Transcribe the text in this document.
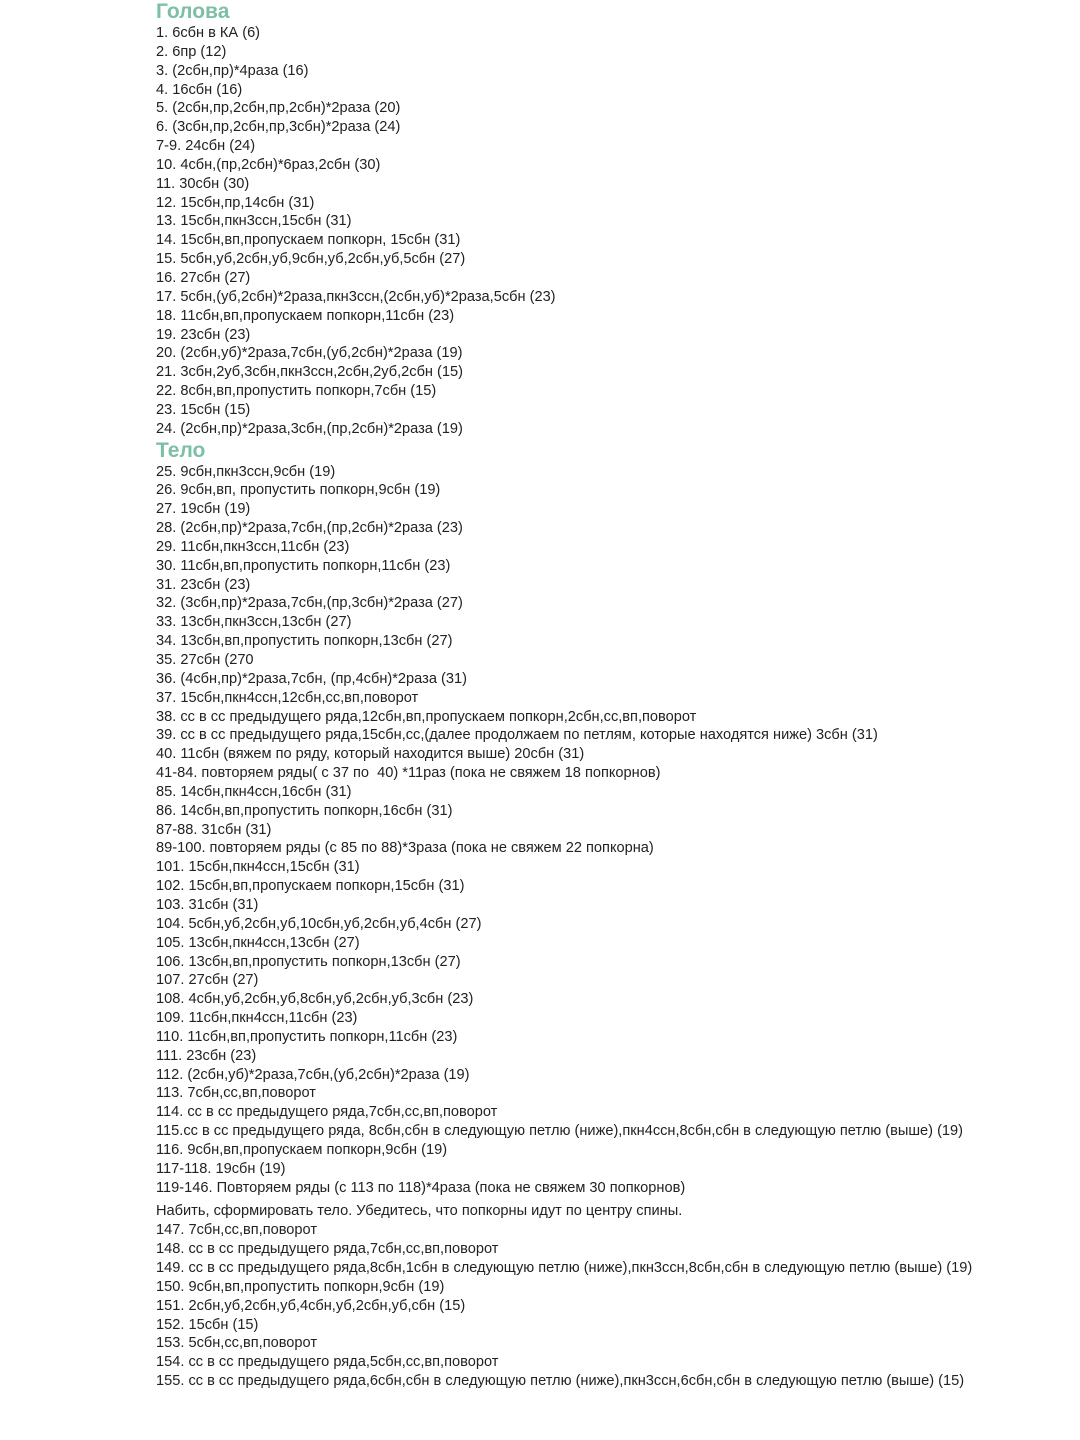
Голова
1. 6сбн в КА (6)
2. 6пр (12)
3. (2сбн,пр)*4раза (16)
4. 16сбн (16)
5. (2сбн,пр,2сбн,пр,2сбн)*2раза (20)
6. (3сбн,пр,2сбн,пр,3сбн)*2раза (24)
7-9. 24сбн (24)
10. 4сбн,(пр,2сбн)*6раз,2сбн (30)
11. 30сбн (30)
12. 15сбн,пр,14сбн (31)
13. 15сбн,пкн3ссн,15сбн (31)
14. 15сбн,вп,пропускаем попкорн, 15сбн (31)
15. 5сбн,уб,2сбн,уб,9сбн,уб,2сбн,уб,5сбн (27)
16. 27сбн (27)
17. 5сбн,(уб,2сбн)*2раза,пкн3ссн,(2сбн,уб)*2раза,5сбн (23)
18. 11сбн,вп,пропускаем попкорн,11сбн (23)
19. 23сбн (23)
20. (2сбн,уб)*2раза,7сбн,(уб,2сбн)*2раза (19)
21. 3сбн,2уб,3сбн,пкн3ссн,2сбн,2уб,2сбн (15)
22. 8сбн,вп,пропустить попкорн,7сбн (15)
23. 15сбн (15)
24. (2сбн,пр)*2раза,3сбн,(пр,2сбн)*2раза (19)
Тело
25. 9сбн,пкн3ссн,9сбн (19)
26. 9сбн,вп, пропустить попкорн,9сбн (19)
27. 19сбн (19)
28. (2сбн,пр)*2раза,7сбн,(пр,2сбн)*2раза (23)
29. 11сбн,пкн3ссн,11сбн (23)
30. 11сбн,вп,пропустить попкорн,11сбн (23)
31. 23сбн (23)
32. (3сбн,пр)*2раза,7сбн,(пр,3сбн)*2раза (27)
33. 13сбн,пкн3ссн,13сбн (27)
34. 13сбн,вп,пропустить попкорн,13сбн (27)
35. 27сбн (270
36. (4сбн,пр)*2раза,7сбн, (пр,4сбн)*2раза (31)
37. 15сбн,пкн4ссн,12сбн,сс,вп,поворот
38. сс в сс предыдущего ряда,12сбн,вп,пропускаем попкорн,2сбн,сс,вп,поворот
39. сс в сс предыдущего ряда,15сбн,сс,(далее продолжаем по петлям, которые находятся ниже) 3сбн (31)
40. 11сбн (вяжем по ряду, который находится выше) 20сбн (31)
41-84. повторяем ряды( с 37 по  40) *11раз (пока не свяжем 18 попкорнов)
85. 14сбн,пкн4ссн,16сбн (31)
86. 14сбн,вп,пропустить попкорн,16сбн (31)
87-88. 31сбн (31)
89-100. повторяем ряды (с 85 по 88)*3раза (пока не свяжем 22 попкорна)
101. 15сбн,пкн4ссн,15сбн (31)
102. 15сбн,вп,пропускаем попкорн,15сбн (31)
103. 31сбн (31)
104. 5сбн,уб,2сбн,уб,10сбн,уб,2сбн,уб,4сбн (27)
105. 13сбн,пкн4ссн,13сбн (27)
106. 13сбн,вп,пропустить попкорн,13сбн (27)
107. 27сбн (27)
108. 4сбн,уб,2сбн,уб,8сбн,уб,2сбн,уб,3сбн (23)
109. 11сбн,пкн4ссн,11сбн (23)
110. 11сбн,вп,пропустить попкорн,11сбн (23)
111. 23сбн (23)
112. (2сбн,уб)*2раза,7сбн,(уб,2сбн)*2раза (19)
113. 7сбн,сс,вп,поворот
114. сс в сс предыдущего ряда,7сбн,сс,вп,поворот
115.сс в сс предыдущего ряда, 8сбн,сбн в следующую петлю (ниже),пкн4ссн,8сбн,сбн в следующую петлю (выше) (19)
116. 9сбн,вп,пропускаем попкорн,9сбн (19)
117-118. 19сбн (19)
119-146. Повторяем ряды (с 113 по 118)*4раза (пока не свяжем 30 попкорнов)
Набить, сформировать тело. Убедитесь, что попкорны идут по центру спины.
147. 7сбн,сс,вп,поворот
148. сс в сс предыдущего ряда,7сбн,сс,вп,поворот
149. сс в сс предыдущего ряда,8сбн,1сбн в следующую петлю (ниже),пкн3ссн,8сбн,сбн в следующую петлю (выше) (19)
150. 9сбн,вп,пропустить попкорн,9сбн (19)
151. 2сбн,уб,2сбн,уб,4сбн,уб,2сбн,уб,сбн (15)
152. 15сбн (15)
153. 5сбн,сс,вп,поворот
154. сс в сс предыдущего ряда,5сбн,сс,вп,поворот
155. сс в сс предыдущего ряда,6сбн,сбн в следующую петлю (ниже),пкн3ссн,6сбн,сбн в следующую петлю (выше) (15)
